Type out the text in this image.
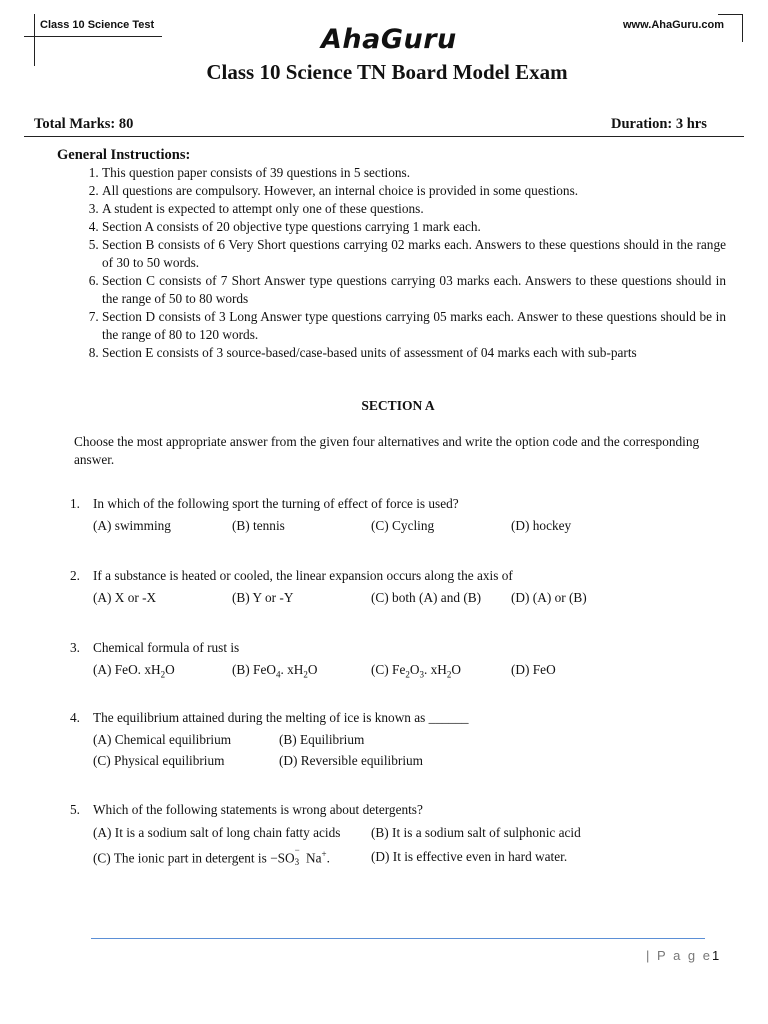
Class 10 Science Test	www.AhaGuru.com
AhaGuru
Class 10 Science TN Board Model Exam
Total Marks: 80	Duration: 3 hrs
General Instructions:
1. This question paper consists of 39 questions in 5 sections.
2. All questions are compulsory. However, an internal choice is provided in some questions.
3. A student is expected to attempt only one of these questions.
4. Section A consists of 20 objective type questions carrying 1 mark each.
5. Section B consists of 6 Very Short questions carrying 02 marks each. Answers to these questions should in the range of 30 to 50 words.
6. Section C consists of 7 Short Answer type questions carrying 03 marks each. Answers to these questions should in the range of 50 to 80 words
7. Section D consists of 3 Long Answer type questions carrying 05 marks each. Answer to these questions should be in the range of 80 to 120 words.
8. Section E consists of 3 source-based/case-based units of assessment of 04 marks each with sub-parts
SECTION A
Choose the most appropriate answer from the given four alternatives and write the option code and the corresponding answer.
1. In which of the following sport the turning of effect of force is used?
(A) swimming	(B) tennis	(C) Cycling	(D) hockey
2. If a substance is heated or cooled, the linear expansion occurs along the axis of
(A) X or -X	(B) Y or -Y	(C) both (A) and (B) (D) (A) or (B)
3. Chemical formula of rust is
(A) FeO. $xH_2O$	(B) FeO$_4$. $xH_2O$	(C) $Fe_2O_3$. $xH_2O$	(D) FeO
4. The equilibrium attained during the melting of ice is known as ______
(A) Chemical equilibrium	(B) Equilibrium
(C) Physical equilibrium	(D) Reversible equilibrium
5. Which of the following statements is wrong about detergents?
(A) It is a sodium salt of long chain fatty acids (B) It is a sodium salt of sulphonic acid
(C) The ionic part in detergent is −SO −
3 Na+.	(D) It is effective even in hard water.
| P a g e1
